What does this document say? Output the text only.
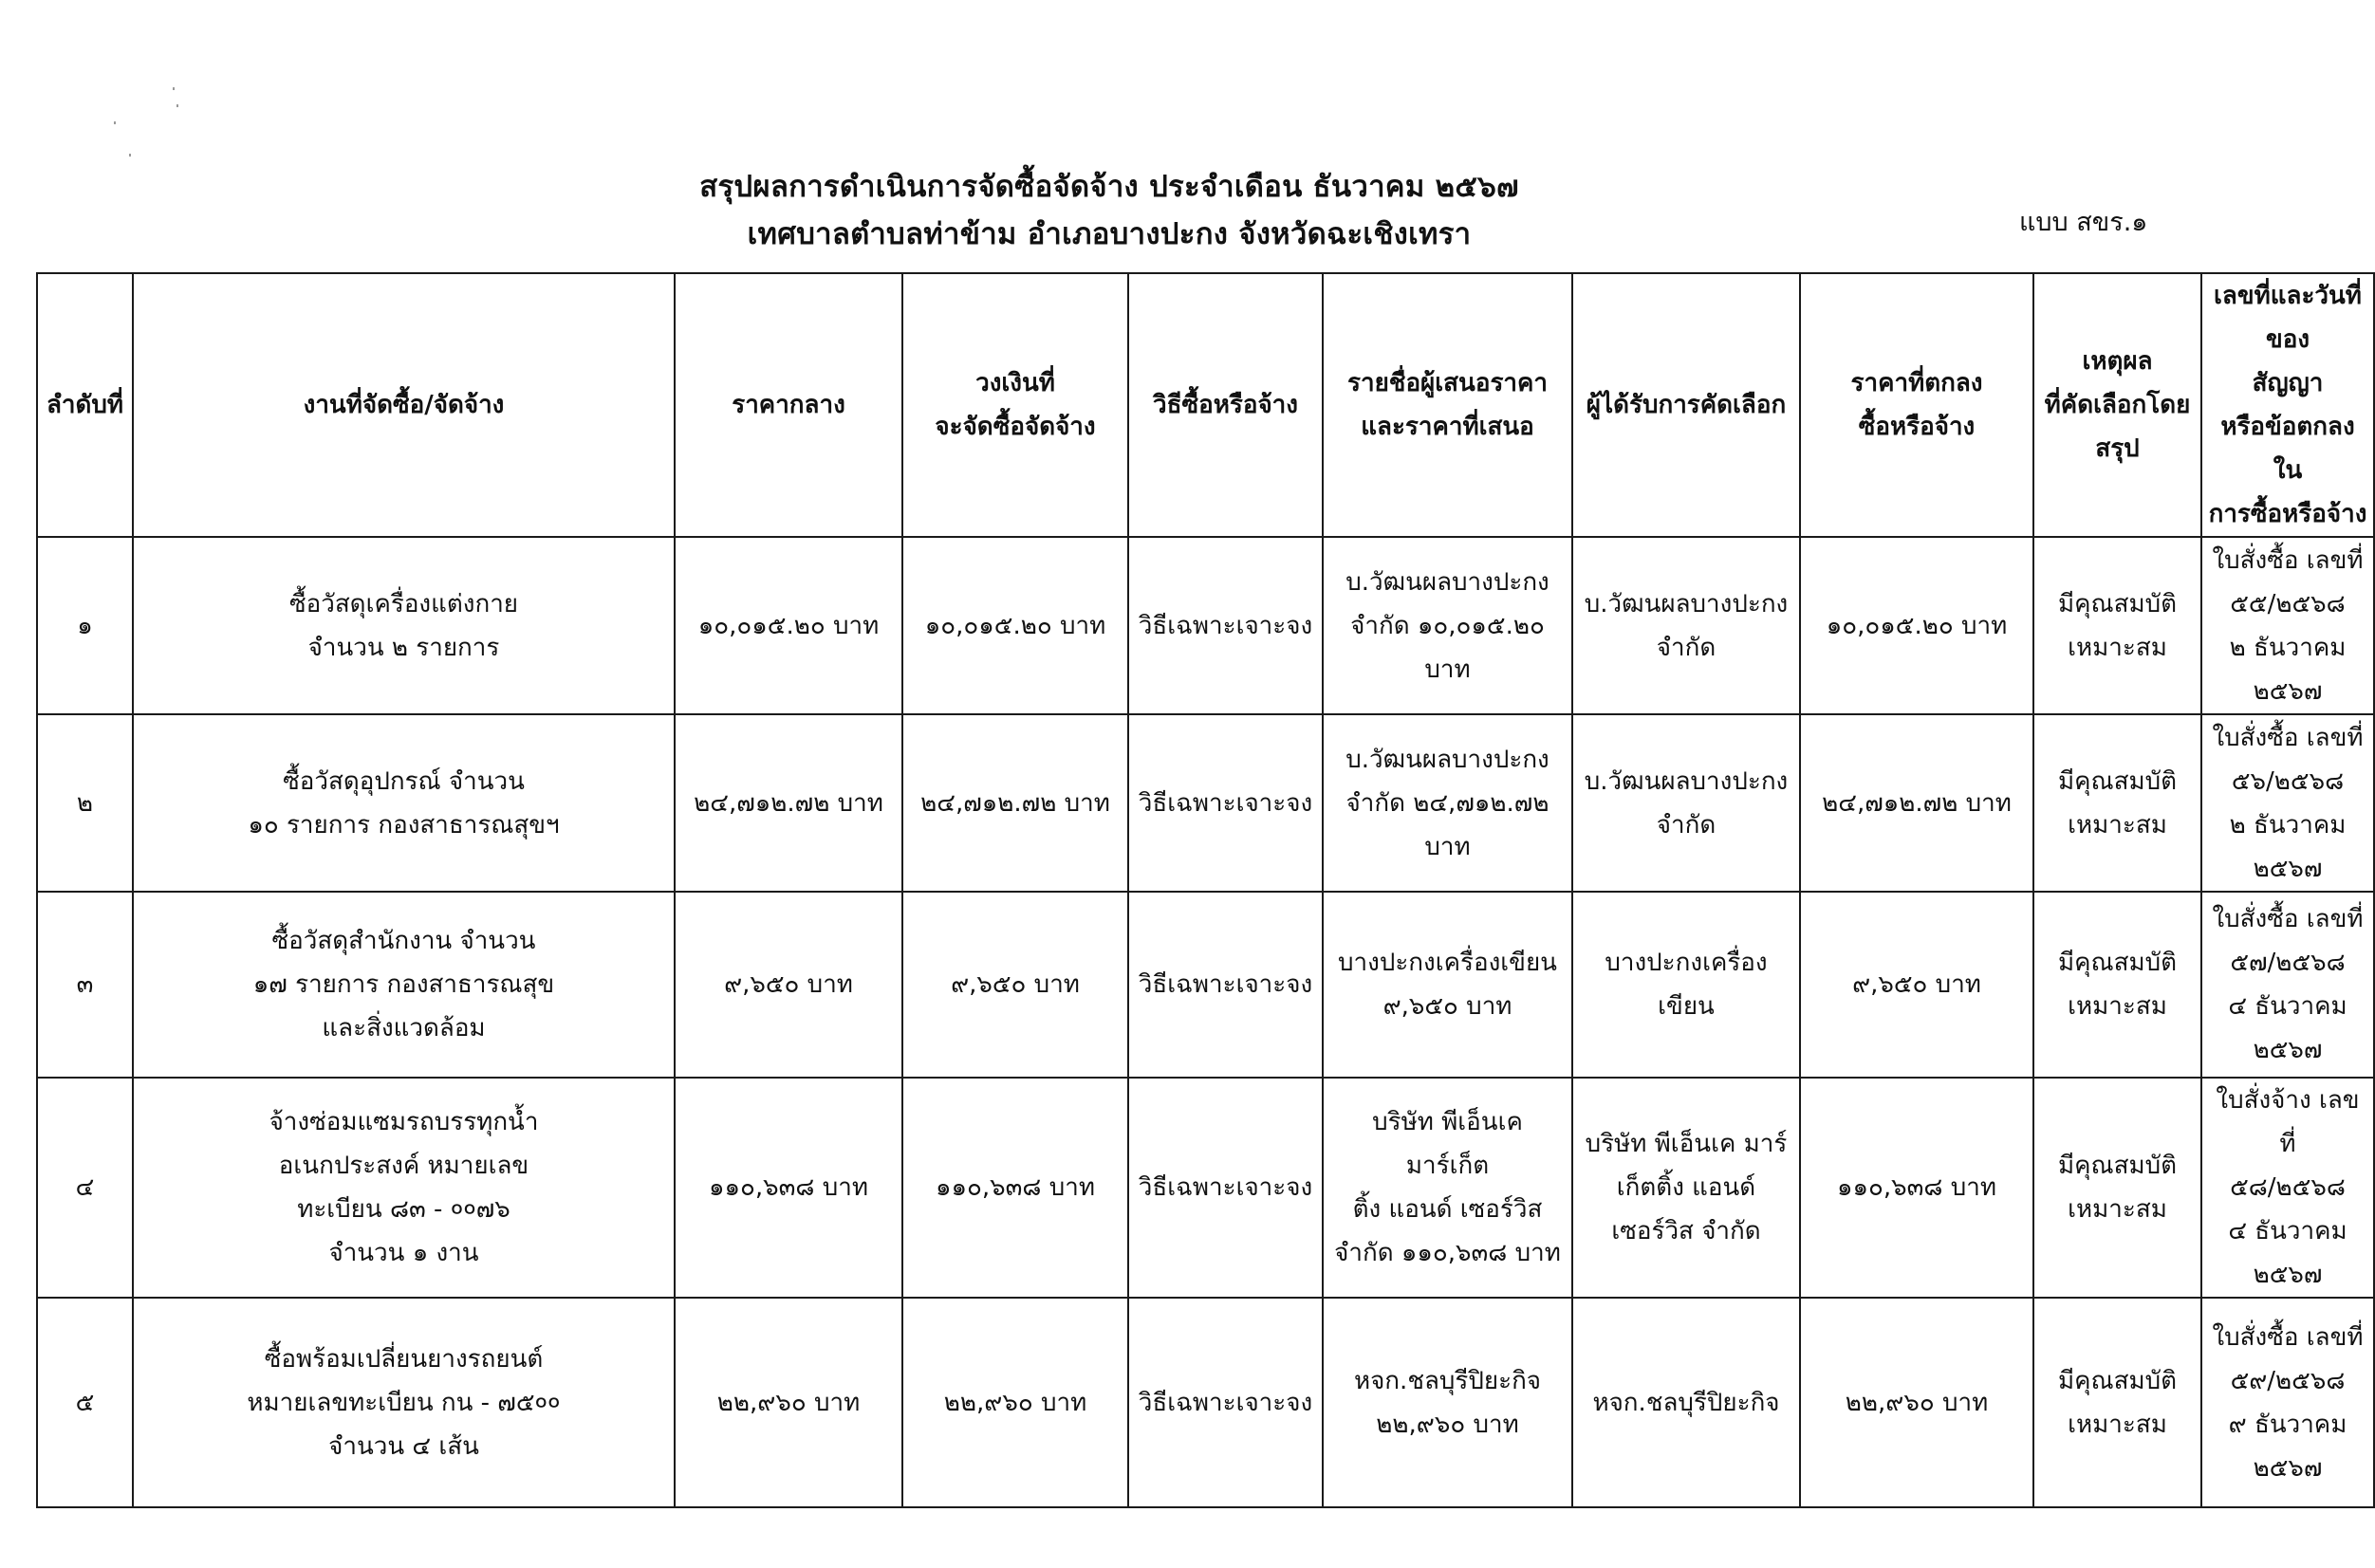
สรุปผลการดำเนินการจัดซื้อจัดจ้าง ประจำเดือน ธันวาคม ๒๕๖๗
เทศบาลตำบลท่าข้าม อำเภอบางปะกง จังหวัดฉะเชิงเทรา	แบบ สขร.๑
ลำดับที่	งานที่จัดซื้อ/จัดจ้าง	ราคากลาง	วงเงินที่
จะจัดซื้อจัดจ้าง	วิธีซื้อหรือจ้าง	รายชื่อผู้เสนอราคา
และราคาที่เสนอ	ผู้ได้รับการคัดเลือก	ราคาที่ตกลง
ซื้อหรือจ้าง	เหตุผล
ที่คัดเลือกโดย
สรุป	เลขที่และวันที่ของ
สัญญา
หรือข้อตกลงใน
การซื้อหรือจ้าง
๑	ซื้อวัสดุเครื่องแต่งกาย
จำนวน ๒ รายการ	๑๐,๐๑๕.๒๐ บาท	๑๐,๐๑๕.๒๐ บาท	วิธีเฉพาะเจาะจง	บ.วัฒนผลบางปะกง
จำกัด ๑๐,๐๑๕.๒๐
บาท	บ.วัฒนผลบางปะกง
จำกัด	๑๐,๐๑๕.๒๐ บาท	มีคุณสมบัติ
เหมาะสม	ใบสั่งซื้อ เลขที่
๕๕/๒๕๖๘
๒ ธันวาคม ๒๕๖๗
๒	ซื้อวัสดุอุปกรณ์ จำนวน
๑๐ รายการ กองสาธารณสุขฯ	๒๔,๗๑๒.๗๒ บาท	๒๔,๗๑๒.๗๒ บาท	วิธีเฉพาะเจาะจง	บ.วัฒนผลบางปะกง
จำกัด ๒๔,๗๑๒.๗๒
บาท	บ.วัฒนผลบางปะกง
จำกัด	๒๔,๗๑๒.๗๒ บาท	มีคุณสมบัติ
เหมาะสม	ใบสั่งซื้อ เลขที่
๕๖/๒๕๖๘
๒ ธันวาคม ๒๕๖๗
๓	ซื้อวัสดุสำนักงาน จำนวน
๑๗ รายการ กองสาธารณสุข
และสิ่งแวดล้อม	๙,๖๕๐ บาท	๙,๖๕๐ บาท	วิธีเฉพาะเจาะจง	บางปะกงเครื่องเขียน
๙,๖๕๐ บาท	บางปะกงเครื่องเขียน	๙,๖๕๐ บาท	มีคุณสมบัติ
เหมาะสม	ใบสั่งซื้อ เลขที่
๕๗/๒๕๖๘
๔ ธันวาคม ๒๕๖๗
๔	จ้างซ่อมแซมรถบรรทุกน้ำ
อเนกประสงค์ หมายเลข
ทะเบียน ๘๓ - ००๗๖
จำนวน ๑ งาน	๑๑๐,๖๓๘ บาท	๑๑๐,๖๓๘ บาท	วิธีเฉพาะเจาะจง	บริษัท พีเอ็นเค มาร์เก็ต
ติ้ง แอนด์ เซอร์วิส
จำกัด ๑๑๐,๖๓๘ บาท	บริษัท พีเอ็นเค มาร์
เก็ตติ้ง แอนด์
เซอร์วิส จำกัด	๑๑๐,๖๓๘ บาท	มีคุณสมบัติ
เหมาะสม	ใบสั่งจ้าง เลขที่
๕๘/๒๕๖๘
๔ ธันวาคม ๒๕๖๗
๕	ซื้อพร้อมเปลี่ยนยางรถยนต์
หมายเลขทะเบียน กน - ๗๕००
จำนวน ๔ เส้น	๒๒,๙๖๐ บาท	๒๒,๙๖๐ บาท	วิธีเฉพาะเจาะจง	หจก.ชลบุรีปิยะกิจ
๒๒,๙๖๐ บาท	หจก.ชลบุรีปิยะกิจ	๒๒,๙๖๐ บาท	มีคุณสมบัติ
เหมาะสม	ใบสั่งซื้อ เลขที่
๕๙/๒๕๖๘
๙ ธันวาคม ๒๕๖๗
